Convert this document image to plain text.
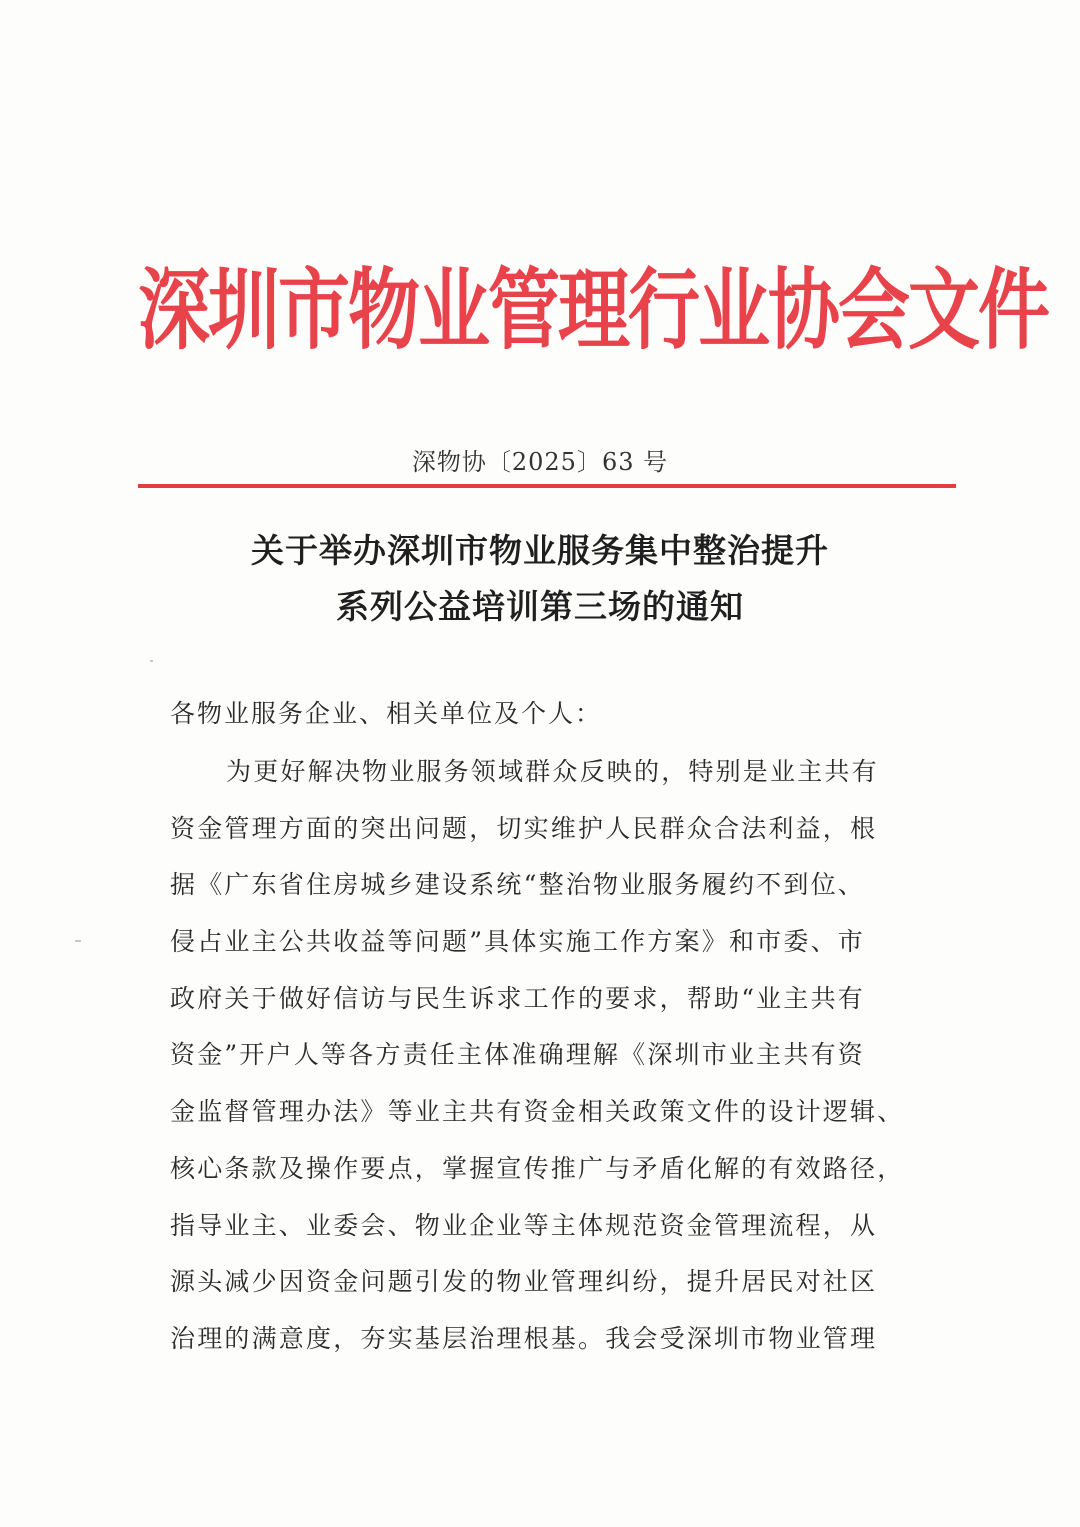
深圳市物业管理行业协会文件
深物协〔2025〕63 号
关于举办深圳市物业服务集中整治提升
系列公益培训第三场的通知
各物业服务企业、相关单位及个人：
为更好解决物业服务领域群众反映的，特别是业主共有
资金管理方面的突出问题，切实维护人民群众合法利益，根
据《广东省住房城乡建设系统“整治物业服务履约不到位、
侵占业主公共收益等问题”具体实施工作方案》和市委、市
政府关于做好信访与民生诉求工作的要求，帮助“业主共有
资金”开户人等各方责任主体准确理解《深圳市业主共有资
金监督管理办法》等业主共有资金相关政策文件的设计逻辑、
核心条款及操作要点，掌握宣传推广与矛盾化解的有效路径，
指导业主、业委会、物业企业等主体规范资金管理流程，从
源头减少因资金问题引发的物业管理纠纷，提升居民对社区
治理的满意度，夯实基层治理根基。我会受深圳市物业管理
